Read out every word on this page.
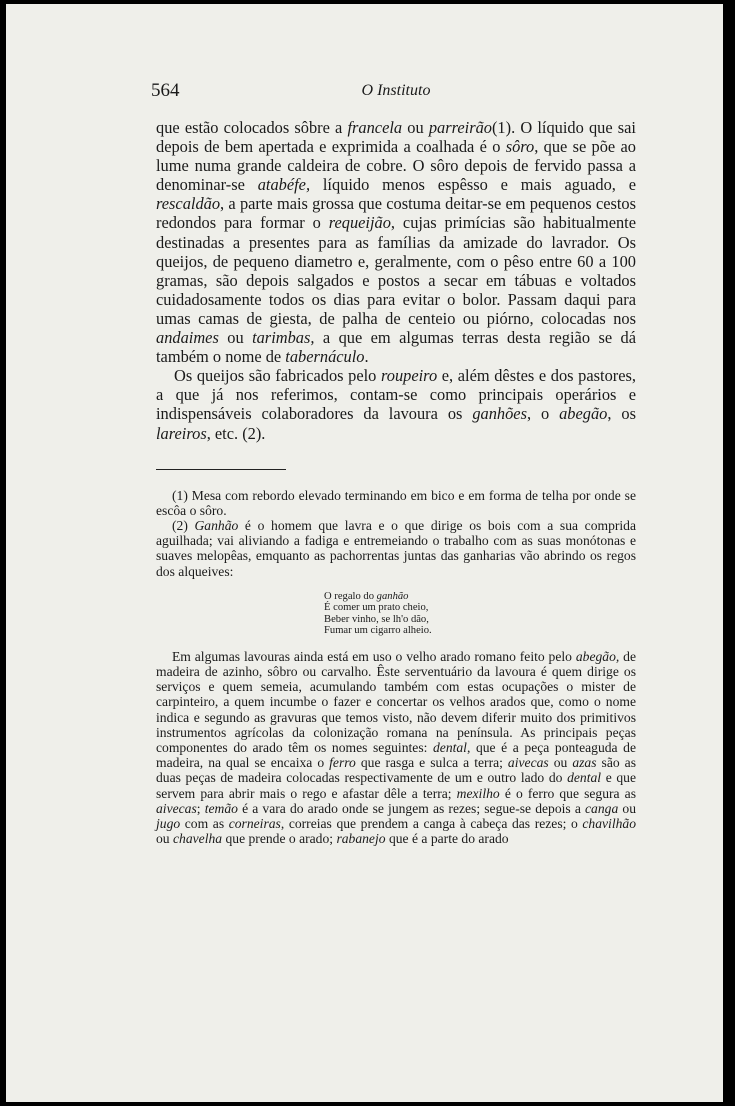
564	O Instituto

que estão colocados sôbre a francela ou parreirão(1). O líquido que sai depois de bem apertada e exprimida a coalhada é o sôro, que se põe ao lume numa grande caldeira de cobre. O sôro depois de fervido passa a denominar-se atabéfe, líquido menos espêsso e mais aguado, e rescaldão, a parte mais grossa que costuma deitar-se em pequenos cestos redondos para formar o requeijão, cujas primícias são habitualmente destinadas a presentes para as famílias da amizade do lavrador. Os queijos, de pequeno diametro e, geralmente, com o pêso entre 60 a 100 gramas, são depois salgados e postos a secar em tábuas e voltados cuidadosamente todos os dias para evitar o bolor. Passam daqui para umas camas de giesta, de palha de centeio ou piórno, colocadas nos andaimes ou tarimbas, a que em algumas terras desta região se dá também o nome de tabernáculo.

Os queijos são fabricados pelo roupeiro e, além dêstes e dos pastores, a que já nos referimos, contam-se como principais operários e indispensáveis colaboradores da lavoura os ganhões, o abegão, os lareiros, etc. (2).

(1) Mesa com rebordo elevado terminando em bico e em forma de telha por onde se escôa o sôro.

(2) Ganhão é o homem que lavra e o que dirige os bois com a sua comprida aguilhada; vai aliviando a fadiga e entremeiando o trabalho com as suas monótonas e suaves melopêas, emquanto as pachorrentas juntas das ganharias vão abrindo os regos dos alqueives:

O regalo do ganhão
É comer um prato cheio,
Beber vinho, se lh'o dão,
Fumar um cigarro alheio.

Em algumas lavouras ainda está em uso o velho arado romano feito pelo abegão, de madeira de azinho, sôbro ou carvalho. Êste serventuário da lavoura é quem dirige os serviços e quem semeia, acumulando também com estas ocupações o mister de carpinteiro, a quem incumbe o fazer e concertar os velhos arados que, como o nome indica e segundo as gravuras que temos visto, não devem diferir muito dos primitivos instrumentos agrícolas da colonização romana na península. As principais peças componentes do arado têm os nomes seguintes: dental, que é a peça ponteaguda de madeira, na qual se encaixa o ferro que rasga e sulca a terra; aivecas ou azas são as duas peças de madeira colocadas respectivamente de um e outro lado do dental e que servem para abrir mais o rego e afastar dêle a terra; mexilho é o ferro que segura as aivecas; temão é a vara do arado onde se jungem as rezes; segue-se depois a canga ou jugo com as corneiras, correias que prendem a canga à cabeça das rezes; o chavilhão ou chavelha que prende o arado; rabanejo que é a parte do arado
